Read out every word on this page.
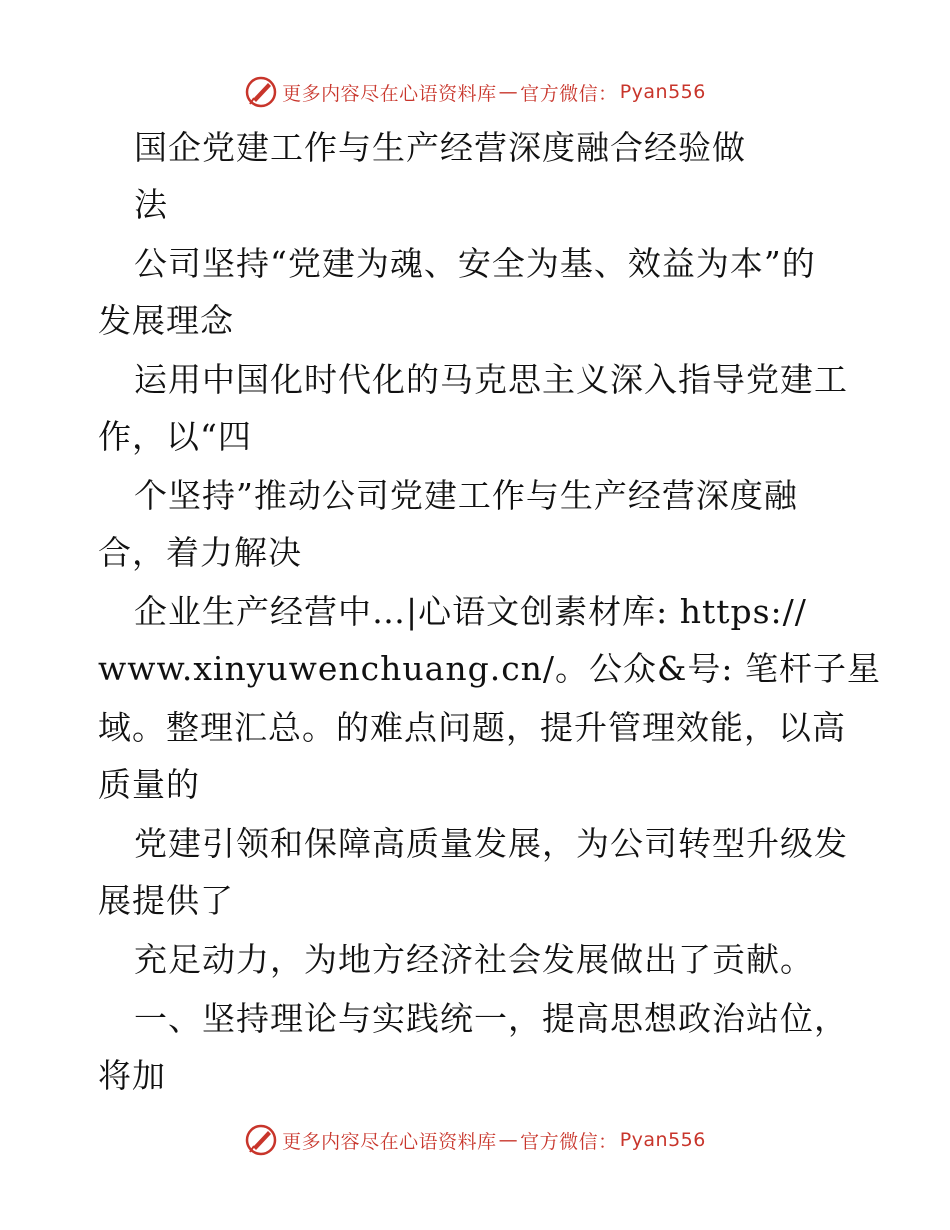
更多内容尽在心语资料库 — 官方微信： Pyan556
国企党建工作与生产经营深度融合经验做
法
公司坚持“党建为魂、安全为基、效益为本”的
发展理念
运用中国化时代化的马克思主义深入指导党建工
作，以“四
个坚持”推动公司党建工作与生产经营深度融
合，着力解决
企业生产经营中…|心语文创素材库: https://
www.xinyuwenchuang.cn/。公众&号: 笔杆子星
域。整理汇总。的难点问题，提升管理效能，以高
质量的
党建引领和保障高质量发展，为公司转型升级发
展提供了
充足动力，为地方经济社会发展做出了贡献。
一、坚持理论与实践统一，提高思想政治站位，
将加
更多内容尽在心语资料库 — 官方微信： Pyan556
